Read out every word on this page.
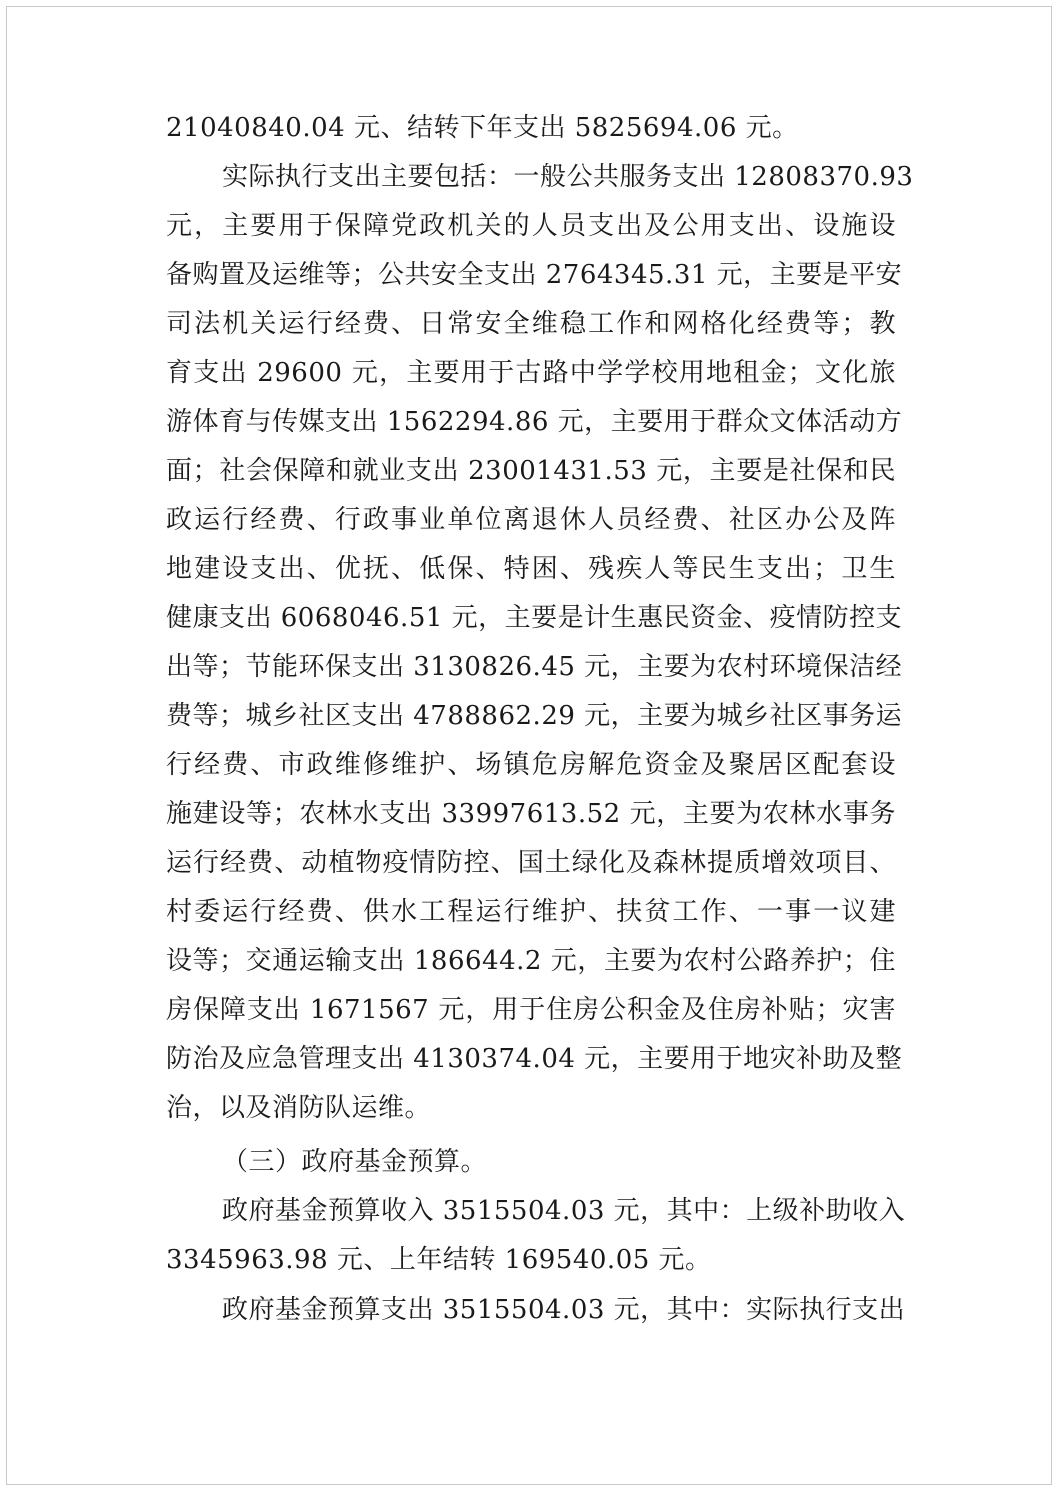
21040840.04 元、结转下年支出 5825694.06 元。
实际执行支出主要包括：一般公共服务支出 12808370.93
元，主要用于保障党政机关的人员支出及公用支出、设施设
备购置及运维等；公共安全支出 2764345.31 元，主要是平安
司法机关运行经费、日常安全维稳工作和网格化经费等；教
育支出 29600 元，主要用于古路中学学校用地租金；文化旅
游体育与传媒支出 1562294.86 元，主要用于群众文体活动方
面；社会保障和就业支出 23001431.53 元，主要是社保和民
政运行经费、行政事业单位离退休人员经费、社区办公及阵
地建设支出、优抚、低保、特困、残疾人等民生支出；卫生
健康支出 6068046.51 元，主要是计生惠民资金、疫情防控支
出等；节能环保支出 3130826.45 元，主要为农村环境保洁经
费等；城乡社区支出 4788862.29 元，主要为城乡社区事务运
行经费、市政维修维护、场镇危房解危资金及聚居区配套设
施建设等；农林水支出 33997613.52 元，主要为农林水事务
运行经费、动植物疫情防控、国土绿化及森林提质增效项目、
村委运行经费、供水工程运行维护、扶贫工作、一事一议建
设等；交通运输支出 186644.2 元，主要为农村公路养护；住
房保障支出 1671567 元，用于住房公积金及住房补贴；灾害
防治及应急管理支出 4130374.04 元，主要用于地灾补助及整
治，以及消防队运维。
（三）政府基金预算。
政府基金预算收入 3515504.03 元，其中：上级补助收入
3345963.98 元、上年结转 169540.05 元。
政府基金预算支出 3515504.03 元，其中：实际执行支出
